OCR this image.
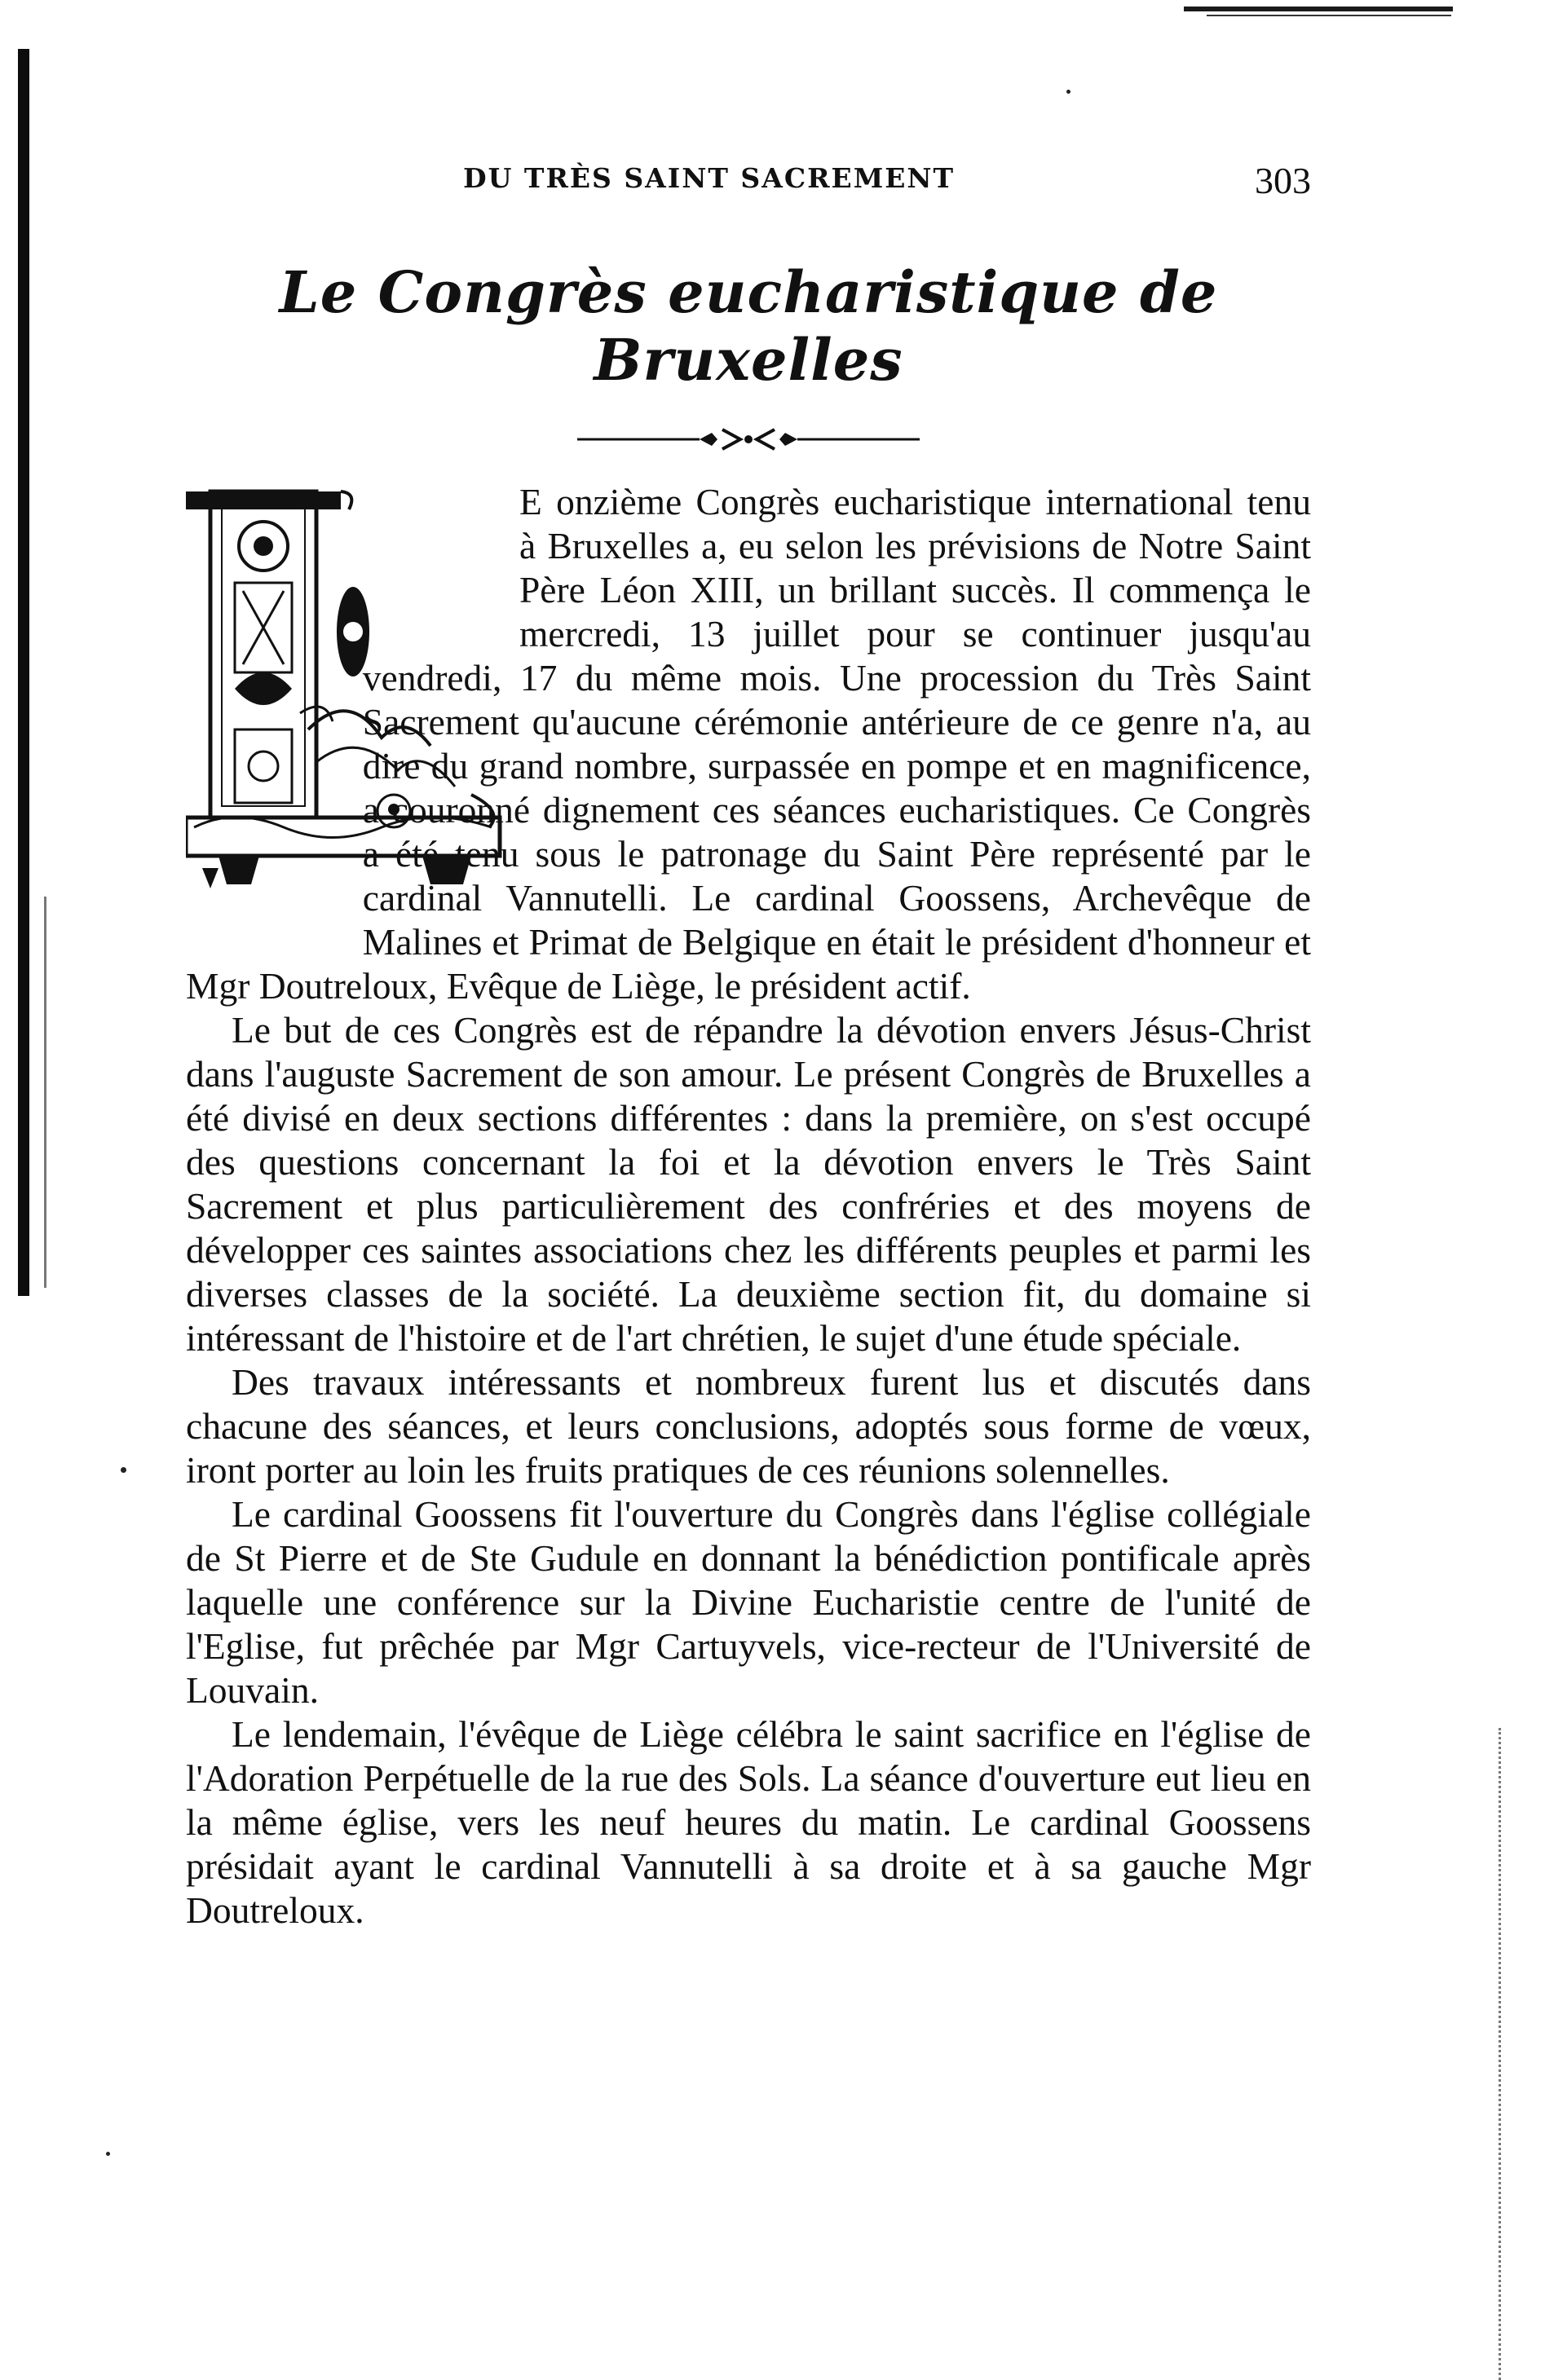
DU TRÈS SAINT SACREMENT	303
Le Congrès eucharistique de Bruxelles

E onzième Congrès eucharistique international tenu à Bruxelles a, eu selon les prévisions de Notre Saint Père Léon XIII, un brillant succès. Il commença le mercredi, 13 juillet pour se continuer jusqu'au vendredi, 17 du même mois. Une procession du Très Saint Sacrement qu'aucune cérémonie antérieure de ce genre n'a, au dire du grand nombre, surpassée en pompe et en magnificence, a couronné dignement ces séances eucharistiques. Ce Congrès a été tenu sous le patronage du Saint Père représenté par le cardinal Vannutelli. Le cardinal Goossens, Archevêque de Malines et Primat de Belgique en était le président d'honneur et Mgr Doutreloux, Evêque de Liège, le président actif.

Le but de ces Congrès est de répandre la dévotion envers Jésus-Christ dans l'auguste Sacrement de son amour. Le présent Congrès de Bruxelles a été divisé en deux sections différentes : dans la première, on s'est occupé des questions concernant la foi et la dévotion envers le Très Saint Sacrement et plus particulièrement des confréries et des moyens de développer ces saintes associations chez les différents peuples et parmi les diverses classes de la société. La deuxième section fit, du domaine si intéressant de l'histoire et de l'art chrétien, le sujet d'une étude spéciale.

Des travaux intéressants et nombreux furent lus et discutés dans chacune des séances, et leurs conclusions, adoptés sous forme de vœux, iront porter au loin les fruits pratiques de ces réunions solennelles.

Le cardinal Goossens fit l'ouverture du Congrès dans l'église collégiale de St Pierre et de Ste Gudule en donnant la bénédiction pontificale après laquelle une conférence sur la Divine Eucharistie centre de l'unité de l'Eglise, fut prêchée par Mgr Cartuyvels, vice-recteur de l'Université de Louvain.

Le lendemain, l'évêque de Liège célébra le saint sacrifice en l'église de l'Adoration Perpétuelle de la rue des Sols. La séance d'ouverture eut lieu en la même église, vers les neuf heures du matin. Le cardinal Goossens présidait ayant le cardinal Vannutelli à sa droite et à sa gauche Mgr Doutreloux.
